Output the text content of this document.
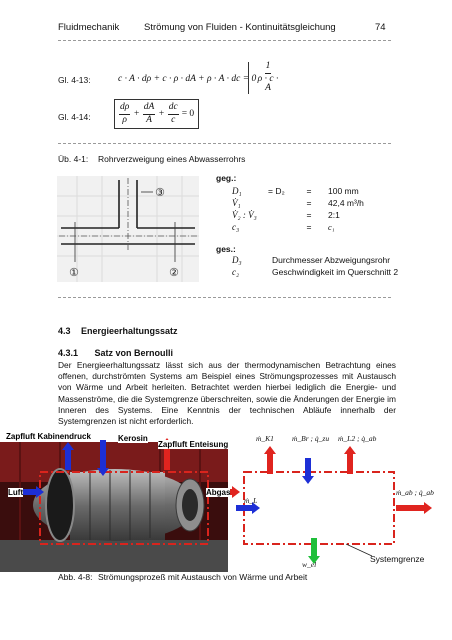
Fluidmechanik	Strömung von Fluiden - Kontinuitätsgleichung	74
Gl. 4-13:	c · A · dρ + c · ρ · dA + ρ · A · dc = 0
$\frac{1}{\rho \cdot c \cdot A}$
Gl. 4-14:	$\frac{d\rho}{\rho} + \frac{dA}{A} + \frac{dc}{c} = 0$
Üb. 4-1: Rohrverzweigung eines Abwasserrohrs
③
①	②
geg.:
D₁	= D₂	=	100 mm
V̇₁		=	42,4 m³/h
V̇₂ : V̇₃		=	2:1
c₃		=	c₁
ges.:
D₃	Durchmesser Abzweigungsrohr
c₂	Geschwindigkeit im Querschnitt 2
4.3 Energieerhaltungssatz
4.3.1 Satz von Bernoulli
Der Energieerhaltungssatz lässt sich aus der thermodynamischen Betrachtung eines offenen, durchströmten Systems am Beispiel eines Strömungsprozesses mit Austausch von Wärme und Arbeit herleiten. Betrachtet werden hierbei lediglich die Energie- und Massenströme, die die Systemgrenze überschreiten, sowie die Änderungen der Energie im Inneren des Systems. Eine Kenntnis der technischen Abläufe innerhalb der Systemgrenzen ist nicht erforderlich.
Zapfluft Kabinendruck	Kerosin
Zapfluft Enteisung
Luft	Abgas
ṁ_K1 ṁ_Br ; q̇_zu ṁ_L2 ; q̇_ab
ṁ_L
ṁ_ab ; q̇_ab
w_el
Systemgrenze
Abb. 4-8: Strömungsprozeß mit Austausch von Wärme und Arbeit
